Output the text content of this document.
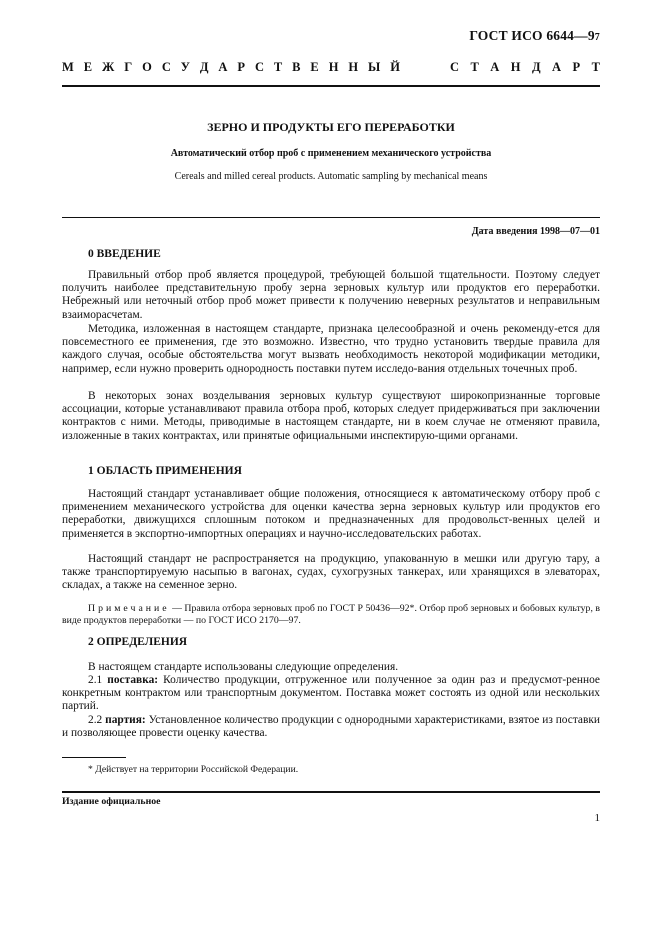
ГОСТ ИСО 6644—97
М Е Ж Г О С У Д А Р С Т В Е Н Н Ы Й	С Т А Н Д А Р Т
ЗЕРНО И ПРОДУКТЫ ЕГО ПЕРЕРАБОТКИ
Автоматический отбор проб с применением механического устройства
Cereals and milled cereal products. Automatic sampling by mechanical means
Дата введения 1998—07—01
0 ВВЕДЕНИЕ
Правильный отбор проб является процедурой, требующей большой тщательности. Поэтому следует получить наиболее представительную пробу зерна зерновых культур или продуктов его переработки. Небрежный или неточный отбор проб может привести к получению неверных результатов и неправильным взаиморасчетам.
Методика, изложенная в настоящем стандарте, признака целесообразной и очень рекоменду-ется для повсеместного ее применения, где это возможно. Известно, что трудно установить твердые правила для каждого случая, особые обстоятельства могут вызвать необходимость некоторой модификации методики, например, если нужно проверить однородность поставки путем исследо-вания отдельных точечных проб.
В некоторых зонах возделывания зерновых культур существуют широкопризнанные торговые ассоциации, которые устанавливают правила отбора проб, которых следует придерживаться при заключении контрактов с ними. Методы, приводимые в настоящем стандарте, ни в коем случае не отменяют правила, изложенные в таких контрактах, или принятые официальными инспектирую-щими органами.
1 ОБЛАСТЬ ПРИМЕНЕНИЯ
Настоящий стандарт устанавливает общие положения, относящиеся к автоматическому отбору проб с применением механического устройства для оценки качества зерна зерновых культур или продуктов его переработки, движущихся сплошным потоком и предназначенных для продовольст-венных целей и применяется в экспортно-импортных операциях и научно-исследовательских работах.
Настоящий стандарт не распространяется на продукцию, упакованную в мешки или другую тару, а также транспортируемую насыпью в вагонах, судах, сухогрузных танкерах, или хранящихся в элеваторах, складах, а также на семенное зерно.
Примечание — Правила отбора зерновых проб по ГОСТ Р 50436—92*. Отбор проб зерновых и бобовых культур, в виде продуктов переработки — по ГОСТ ИСО 2170—97.
2 ОПРЕДЕЛЕНИЯ
В настоящем стандарте использованы следующие определения.
2.1 поставка: Количество продукции, отгруженное или полученное за один раз и предусмот-ренное конкретным контрактом или транспортным документом. Поставка может состоять из одной или нескольких партий.
2.2 партия: Установленное количество продукции с однородными характеристиками, взятое из поставки и позволяющее провести оценку качества.
* Действует на территории Российской Федерации.
Издание официальное
1
